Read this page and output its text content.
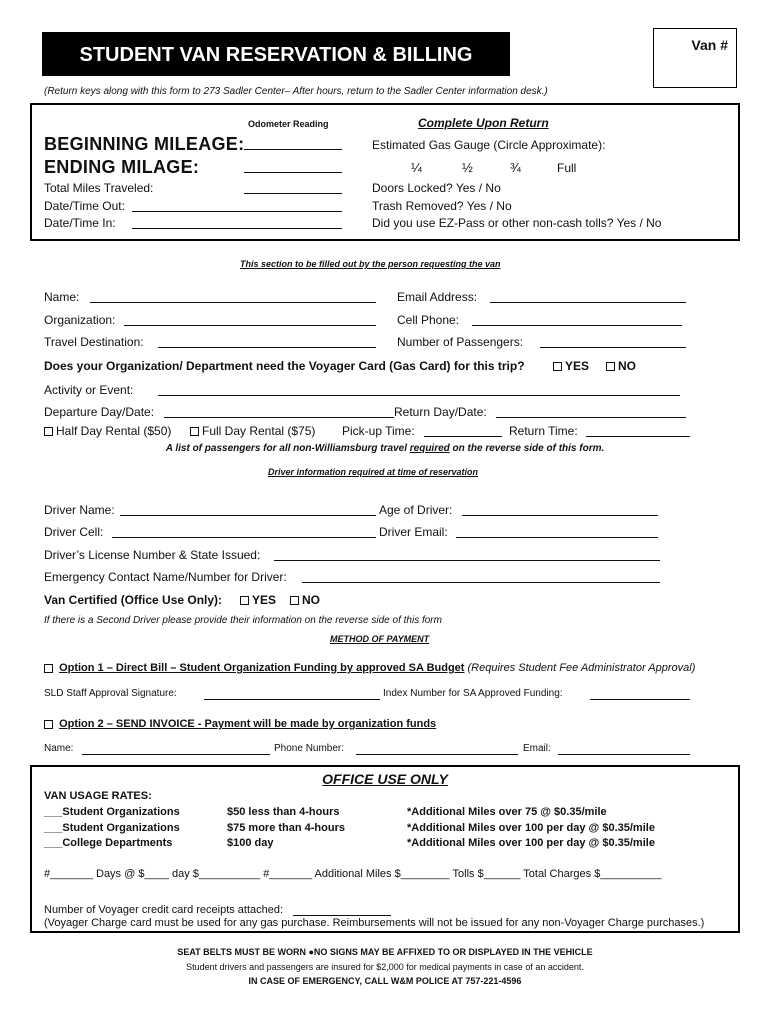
STUDENT VAN RESERVATION & BILLING	Van #
(Return keys along with this form to 273 Sadler Center– After hours, return to the Sadler Center information desk.)
Odometer Reading	Complete Upon Return
BEGINNING MILEAGE:
ENDING MILAGE:
Total Miles Traveled:
Date/Time Out:
Date/Time In:
Estimated Gas Gauge (Circle Approximate):
¼	½	¾	Full
Doors Locked? Yes / No
Trash Removed? Yes / No
Did you use EZ-Pass or other non-cash tolls? Yes / No
This section to be filled out by the person requesting the van
Name:	Email Address:
Organization:	Cell Phone:
Travel Destination:	Number of Passengers:
Does your Organization/ Department need the Voyager Card (Gas Card) for this trip?	YES	NO
Activity or Event:
Departure Day/Date:	Return Day/Date:
Half Day Rental ($50)	Full Day Rental ($75) Pick-up Time:	Return Time:
A list of passengers for all non-Williamsburg travel required on the reverse side of this form.
Driver information required at time of reservation
Driver Name:	Age of Driver:
Driver Cell:	Driver Email:
Driver’s License Number & State Issued:
Emergency Contact Name/Number for Driver:
Van Certified (Office Use Only):	YES	NO
If there is a Second Driver please provide their information on the reverse side of this form
METHOD OF PAYMENT
Option 1 – Direct Bill – Student Organization Funding by approved SA Budget (Requires Student Fee Administrator Approval)
SLD Staff Approval Signature:	Index Number for SA Approved Funding:
Option 2 – SEND INVOICE - Payment will be made by organization funds
Name:	Phone Number:	Email:
OFFICE USE ONLY
VAN USAGE RATES:
___Student Organizations	$50 less than 4-hours	*Additional Miles over 75 @ $0.35/mile
___Student Organizations	$75 more than 4-hours	*Additional Miles over 100 per day @ $0.35/mile
___College Departments	$100 day	*Additional Miles over 100 per day @ $0.35/mile
#_______ Days @ $____ day $__________ #_______ Additional Miles $________ Tolls $______ Total Charges $__________
Number of Voyager credit card receipts attached:
(Voyager Charge card must be used for any gas purchase. Reimbursements will not be issued for any non-Voyager Charge purchases.)
SEAT BELTS MUST BE WORN ●NO SIGNS MAY BE AFFIXED TO OR DISPLAYED IN THE VEHICLE
Student drivers and passengers are insured for $2,000 for medical payments in case of an accident.
IN CASE OF EMERGENCY, CALL W&M POLICE AT 757-221-4596
